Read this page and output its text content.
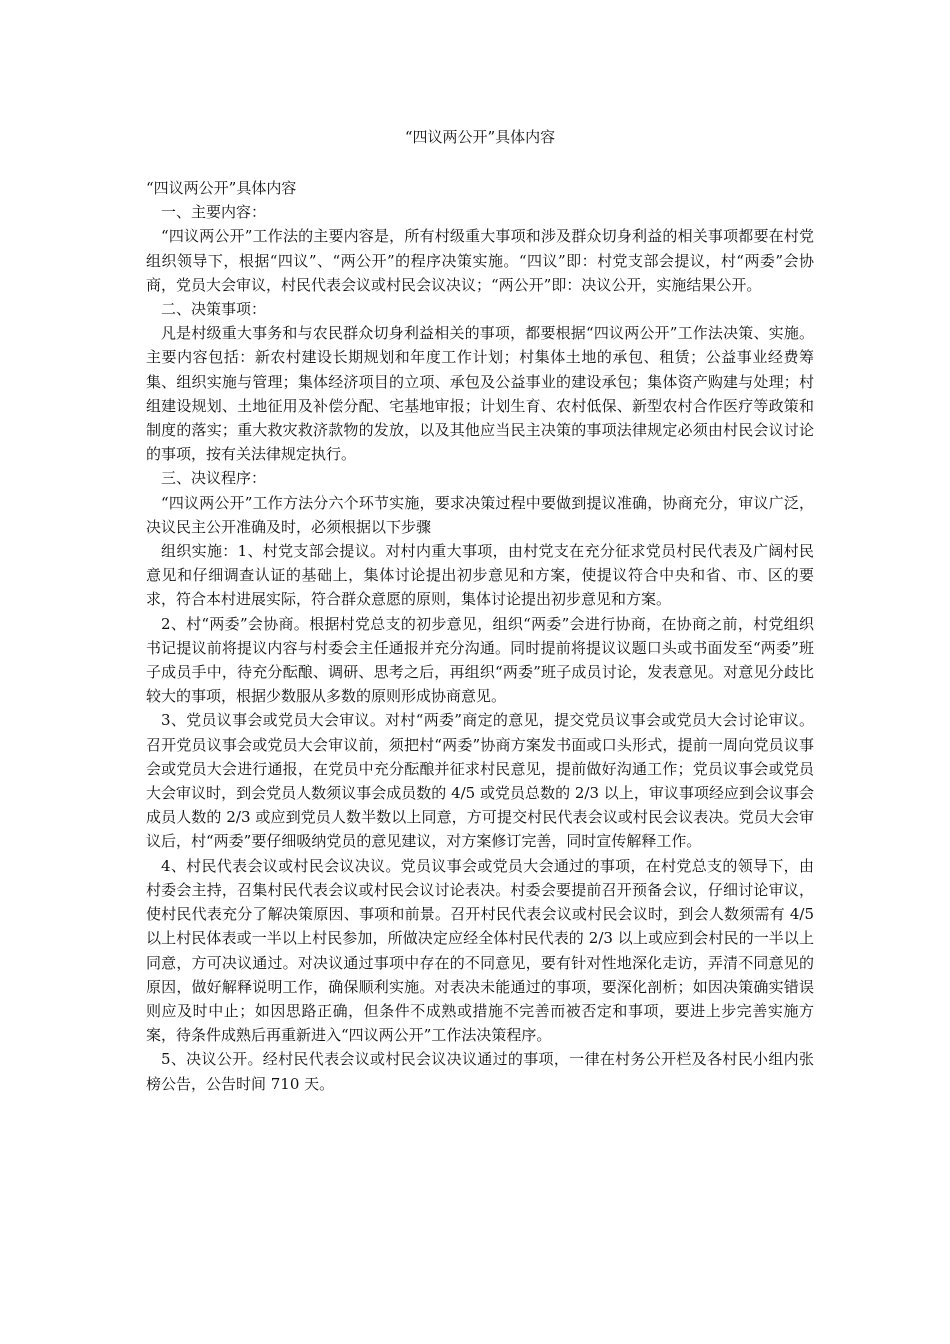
“四议两公开”具体内容

“四议两公开”具体内容

一、主要内容：

“四议两公开”工作法的主要内容是，所有村级重大事项和涉及群众切身利益的相关事项都要在村党组织领导下，根据“四议”、“两公开”的程序决策实施。“四议”即：村党支部会提议，村“两委”会协商，党员大会审议，村民代表会议或村民会议决议；“两公开”即：决议公开，实施结果公开。

二、决策事项：

凡是村级重大事务和与农民群众切身利益相关的事项，都要根据“四议两公开”工作法决策、实施。主要内容包括：新农村建设长期规划和年度工作计划；村集体土地的承包、租赁；公益事业经费筹集、组织实施与管理；集体经济项目的立项、承包及公益事业的建设承包；集体资产购建与处理；村组建设规划、土地征用及补偿分配、宅基地审报；计划生育、农村低保、新型农村合作医疗等政策和制度的落实；重大救灾救济款物的发放，以及其他应当民主决策的事项法律规定必须由村民会议讨论的事项，按有关法律规定执行。

三、决议程序：

“四议两公开”工作方法分六个环节实施，要求决策过程中要做到提议准确，协商充分，审议广泛，决议民主公开准确及时，必须根据以下步骤

组织实施：1、村党支部会提议。对村内重大事项，由村党支在充分征求党员村民代表及广阔村民意见和仔细调查认证的基础上，集体讨论提出初步意见和方案，使提议符合中央和省、市、区的要求，符合本村进展实际，符合群众意愿的原则，集体讨论提出初步意见和方案。

2、村“两委”会协商。根据村党总支的初步意见，组织“两委”会进行协商，在协商之前，村党组织书记提议前将提议内容与村委会主任通报并充分沟通。同时提前将提议议题口头或书面发至“两委”班子成员手中，待充分酝酿、调研、思考之后，再组织“两委”班子成员讨论，发表意见。对意见分歧比较大的事项，根据少数服从多数的原则形成协商意见。

3、党员议事会或党员大会审议。对村“两委”商定的意见，提交党员议事会或党员大会讨论审议。召开党员议事会或党员大会审议前，须把村“两委”协商方案发书面或口头形式，提前一周向党员议事会或党员大会进行通报，在党员中充分酝酿并征求村民意见，提前做好沟通工作；党员议事会或党员大会审议时，到会党员人数须议事会成员数的 4/5 或党员总数的 2/3 以上，审议事项经应到会议事会成员人数的 2/3 或应到党员人数半数以上同意，方可提交村民代表会议或村民会议表决。党员大会审议后，村“两委”要仔细吸纳党员的意见建议，对方案修订完善，同时宣传解释工作。

4、村民代表会议或村民会议决议。党员议事会或党员大会通过的事项，在村党总支的领导下，由村委会主持，召集村民代表会议或村民会议讨论表决。村委会要提前召开预备会议，仔细讨论审议，使村民代表充分了解决策原因、事项和前景。召开村民代表会议或村民会议时，到会人数须需有 4/5 以上村民体表或一半以上村民参加，所做决定应经全体村民代表的 2/3 以上或应到会村民的一半以上同意，方可决议通过。对决议通过事项中存在的不同意见，要有针对性地深化走访，弄清不同意见的原因，做好解释说明工作，确保顺利实施。对表决未能通过的事项，要深化剖析；如因决策确实错误则应及时中止；如因思路正确，但条件不成熟或措施不完善而被否定和事项，要进上步完善实施方案，待条件成熟后再重新进入“四议两公开”工作法决策程序。

5、决议公开。经村民代表会议或村民会议决议通过的事项，一律在村务公开栏及各村民小组内张榜公告，公告时间 710 天。
